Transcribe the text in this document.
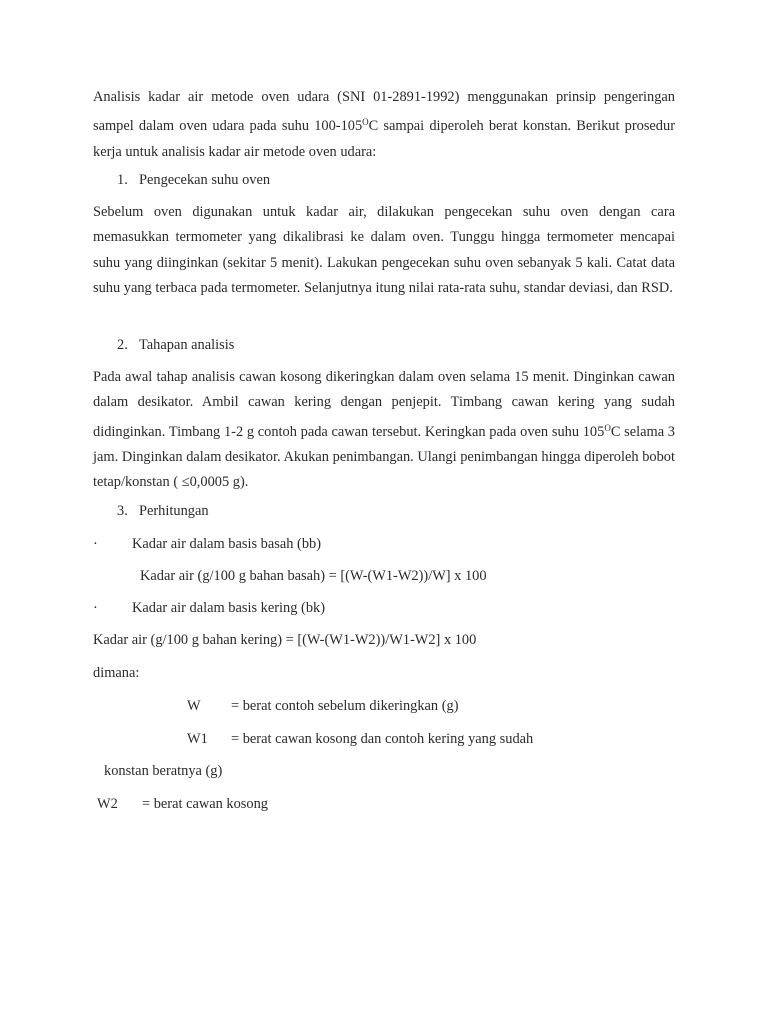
Analisis kadar air metode oven udara (SNI 01-2891-1992) menggunakan prinsip pengeringan sampel dalam oven udara pada suhu $100-105^OC$ sampai diperoleh berat konstan. Berikut prosedur kerja untuk analisis kadar air metode oven udara:

1. Pengecekan suhu oven

Sebelum oven digunakan untuk kadar air, dilakukan pengecekan suhu oven dengan cara memasukkan termometer yang dikalibrasi ke dalam oven. Tunggu hingga termometer mencapai suhu yang diinginkan (sekitar 5 menit). Lakukan pengecekan suhu oven sebanyak 5 kali. Catat data suhu yang terbaca pada termometer. Selanjutnya itung nilai rata-rata suhu, standar deviasi, dan RSD.

2. Tahapan analisis

Pada awal tahap analisis cawan kosong dikeringkan dalam oven selama 15 menit. Dinginkan cawan dalam desikator. Ambil cawan kering dengan penjepit. Timbang cawan kering yang sudah didinginkan. Timbang 1-2 g contoh pada cawan tersebut. Keringkan pada oven suhu $105^OC$ selama 3 jam. Dinginkan dalam desikator. Akukan penimbangan. Ulangi penimbangan hingga diperoleh bobot tetap/konstan ( ≤0,0005 g).

3. Perhitungan
· Kadar air dalam basis basah (bb)
Kadar air (g/100 g bahan basah) = [(W-(W1-W2))/W] x 100
· Kadar air dalam basis kering (bk)
Kadar air (g/100 g bahan kering) = [(W-(W1-W2))/W1-W2] x 100
dimana:
W = berat contoh sebelum dikeringkan (g)
W1 = berat cawan kosong dan contoh kering yang sudah
konstan beratnya (g)
W2 = berat cawan kosong
